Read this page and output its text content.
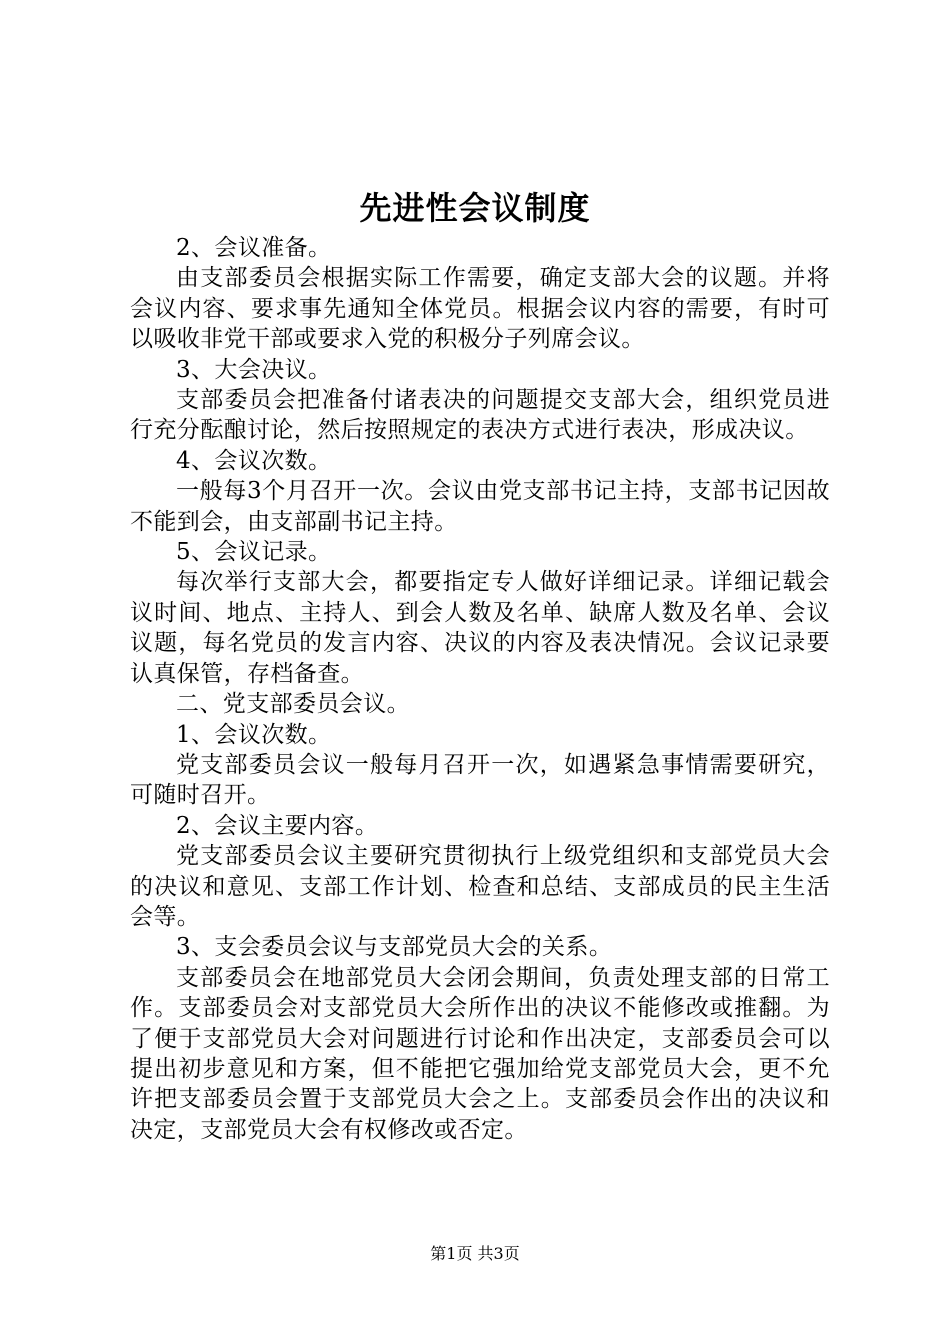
先进性会议制度

2、会议准备。

由支部委员会根据实际工作需要，确定支部大会的议题。并将会议内容、要求事先通知全体党员。根据会议内容的需要，有时可以吸收非党干部或要求入党的积极分子列席会议。

3、大会决议。

支部委员会把准备付诸表决的问题提交支部大会，组织党员进行充分酝酿讨论，然后按照规定的表决方式进行表决，形成决议。

4、会议次数。

一般每3个月召开一次。会议由党支部书记主持，支部书记因故不能到会，由支部副书记主持。

5、会议记录。

每次举行支部大会，都要指定专人做好详细记录。详细记载会议时间、地点、主持人、到会人数及名单、缺席人数及名单、会议议题，每名党员的发言内容、决议的内容及表决情况。会议记录要认真保管，存档备查。

二、党支部委员会议。

1、会议次数。

党支部委员会议一般每月召开一次，如遇紧急事情需要研究，可随时召开。

2、会议主要内容。

党支部委员会议主要研究贯彻执行上级党组织和支部党员大会的决议和意见、支部工作计划、检查和总结、支部成员的民主生活会等。

3、支会委员会议与支部党员大会的关系。

支部委员会在地部党员大会闭会期间，负责处理支部的日常工作。支部委员会对支部党员大会所作出的决议不能修改或推翻。为了便于支部党员大会对问题进行讨论和作出决定，支部委员会可以提出初步意见和方案，但不能把它强加给党支部党员大会，更不允许把支部委员会置于支部党员大会之上。支部委员会作出的决议和决定，支部党员大会有权修改或否定。

第1页 共3页
